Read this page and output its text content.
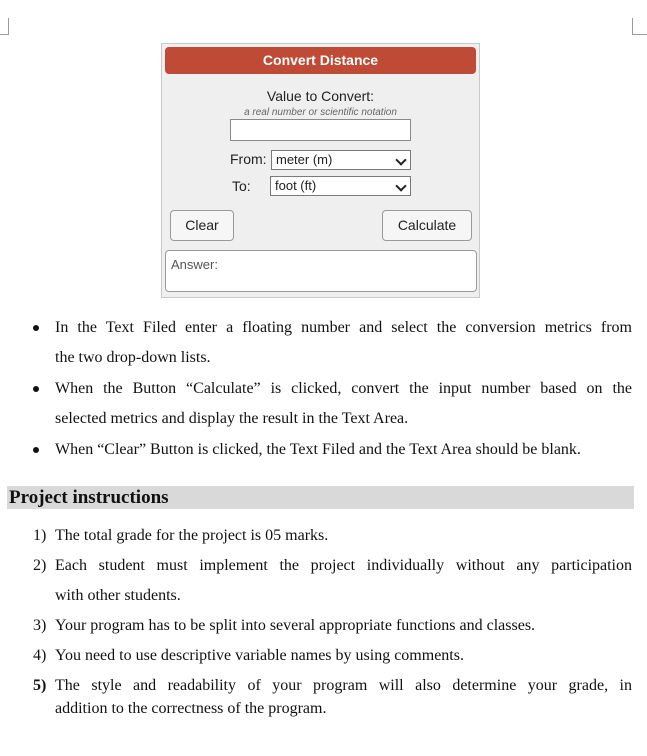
Convert Distance
Value to Convert:
a real number or scientific notation
From: meter (m)
To:	foot (ft)
Clear	Calculate
Answer:
In the Text Filed enter a floating number and select the conversion metrics from
the two drop-down lists.
When the Button “Calculate” is clicked, convert the input number based on the
selected metrics and display the result in the Text Area.
When “Clear” Button is clicked, the Text Filed and the Text Area should be blank.
Project instructions
1) The total grade for the project is 05 marks.
2) Each student must implement the project individually without any participation
with other students.
3) Your program has to be split into several appropriate functions and classes.
4) You need to use descriptive variable names by using comments.
5) The style and readability of your program will also determine your grade, in
addition to the correctness of the program.
